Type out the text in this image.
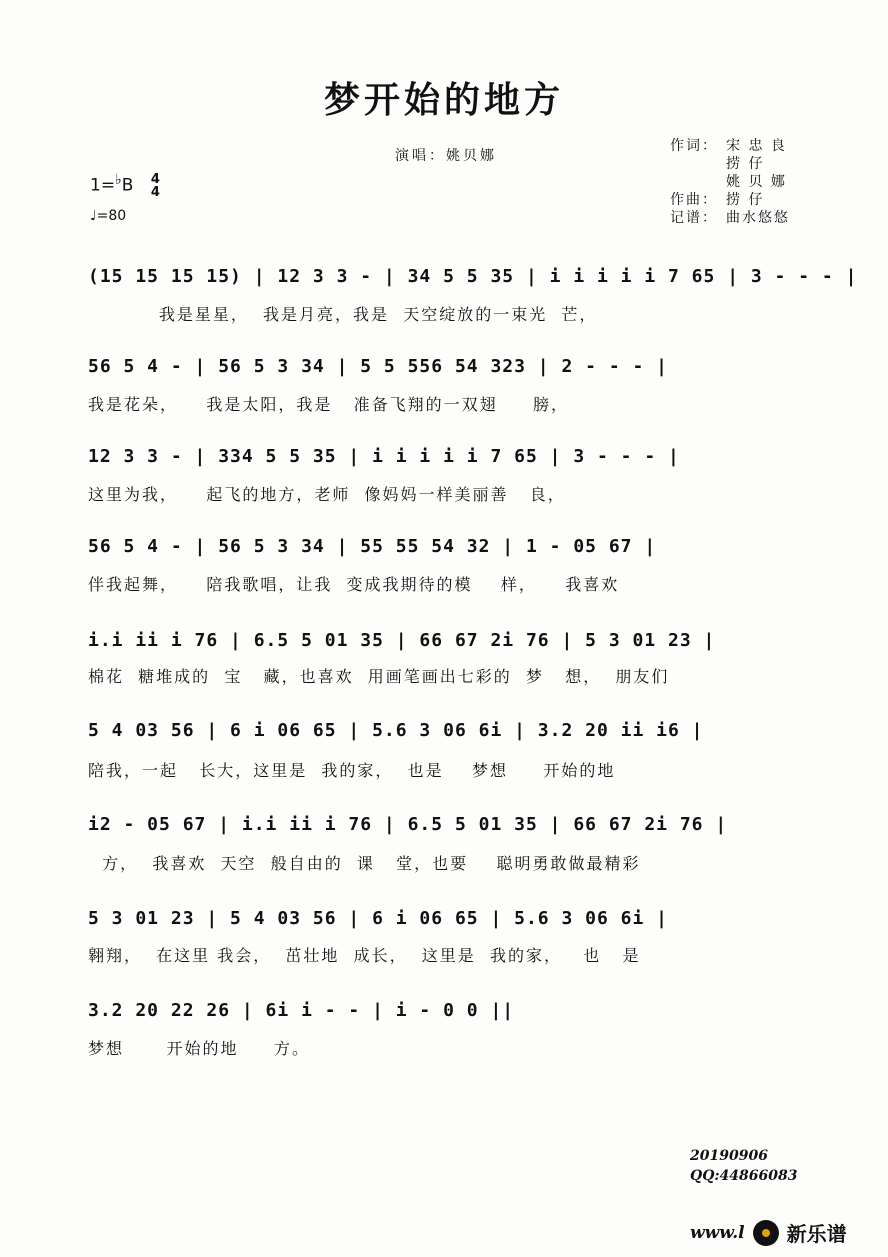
梦开始的地方
演唱：姚贝娜
作词： 宋 忠 良
捞 仔
姚 贝 娜
作曲： 捞 仔
记谱： 曲水悠悠
1=♭B 4
4
♩=80
(15 15 15 15) | 12 3 3 - | 34 5 5 35 | i i i i i 7 65 | 3 - - - |
我是星星，  我是月亮，我是  天空绽放的一束光  芒，
56 5 4 - | 56 5 3 34 | 5 5 556 54 323 | 2 - - - |
我是花朵，    我是太阳，我是   准备飞翔的一双翅     膀，
12 3 3 - | 334 5 5 35 | i i i i i 7 65 | 3 - - - |
这里为我，    起飞的地方，老师  像妈妈一样美丽善   良，
56 5 4 - | 56 5 3 34 | 55 55 54 32 | 1 - 05 67 |
伴我起舞，    陪我歌唱，让我  变成我期待的模    样，    我喜欢
i.i ii i 76 | 6.5 5 01 35 | 66 67 2i 76 | 5 3 01 23 |
棉花  糖堆成的  宝   藏，也喜欢  用画笔画出七彩的  梦   想，  朋友们
5 4 03 56 | 6 i 06 65 | 5.6 3 06 6i | 3.2 20 ii i6 |
陪我，一起   长大，这里是  我的家，  也是    梦想     开始的地
i2 - 05 67 | i.i ii i 76 | 6.5 5 01 35 | 66 67 2i 76 |
方，  我喜欢  天空  般自由的  课   堂，也要    聪明勇敢做最精彩
5 3 01 23 | 5 4 03 56 | 6 i 06 65 | 5.6 3 06 6i |
翱翔，  在这里 我会，  茁壮地  成长，  这里是  我的家，   也   是
3.2 20 22 26 | 6i i - - | i - 0 0 ||
梦想      开始的地     方。
20190906
QQ:44866083
www.l 新乐谱
